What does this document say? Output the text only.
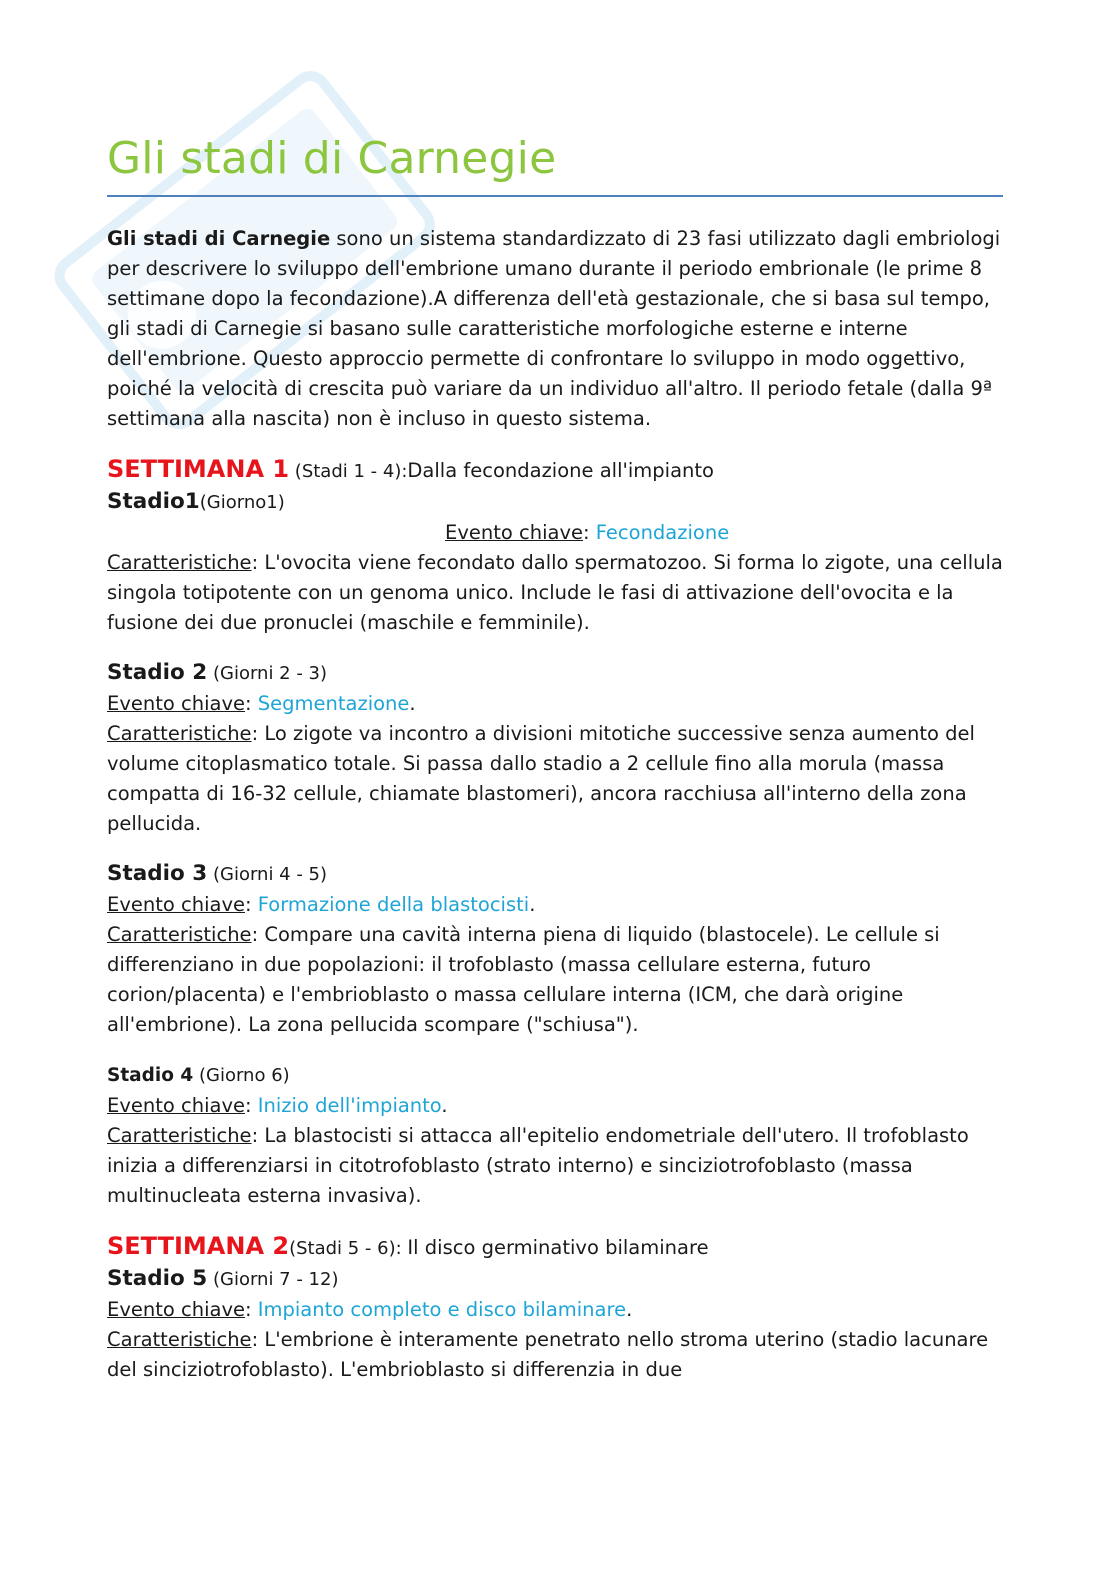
Gli stadi di Carnegie

Gli stadi di Carnegie sono un sistema standardizzato di 23 fasi utilizzato dagli embriologi per descrivere lo sviluppo dell'embrione umano durante il periodo embrionale (le prime 8 settimane dopo la fecondazione).A differenza dell'età gestazionale, che si basa sul tempo, gli stadi di Carnegie si basano sulle caratteristiche morfologiche esterne e interne dell'embrione. Questo approccio permette di confrontare lo sviluppo in modo oggettivo, poiché la velocità di crescita può variare da un individuo all'altro. Il periodo fetale (dalla 9ª settimana alla nascita) non è incluso in questo sistema.

SETTIMANA 1 (Stadi 1 - 4):Dalla fecondazione all'impianto

Stadio1(Giorno1)

Evento chiave: Fecondazione

Caratteristiche: L'ovocita viene fecondato dallo spermatozoo. Si forma lo zigote, una cellula singola totipotente con un genoma unico. Include le fasi di attivazione dell'ovocita e la fusione dei due pronuclei (maschile e femminile).

Stadio 2 (Giorni 2 - 3)

Evento chiave: Segmentazione.

Caratteristiche: Lo zigote va incontro a divisioni mitotiche successive senza aumento del volume citoplasmatico totale. Si passa dallo stadio a 2 cellule fino alla morula (massa compatta di 16-32 cellule, chiamate blastomeri), ancora racchiusa all'interno della zona pellucida.

Stadio 3 (Giorni 4 - 5)

Evento chiave: Formazione della blastocisti.

Caratteristiche: Compare una cavità interna piena di liquido (blastocele). Le cellule si differenziano in due popolazioni: il trofoblasto (massa cellulare esterna, futuro corion/placenta) e l'embrioblasto o massa cellulare interna (ICM, che darà origine all'embrione). La zona pellucida scompare ("schiusa").

Stadio 4 (Giorno 6)

Evento chiave: Inizio dell'impianto.

Caratteristiche: La blastocisti si attacca all'epitelio endometriale dell'utero. Il trofoblasto inizia a differenziarsi in citotrofoblasto (strato interno) e sinciziotrofoblasto (massa multinucleata esterna invasiva).

SETTIMANA 2(Stadi 5 - 6): Il disco germinativo bilaminare

Stadio 5 (Giorni 7 - 12)

Evento chiave: Impianto completo e disco bilaminare.

Caratteristiche: L'embrione è interamente penetrato nello stroma uterino (stadio lacunare del sinciziotrofoblasto). L'embrioblasto si differenzia in due
